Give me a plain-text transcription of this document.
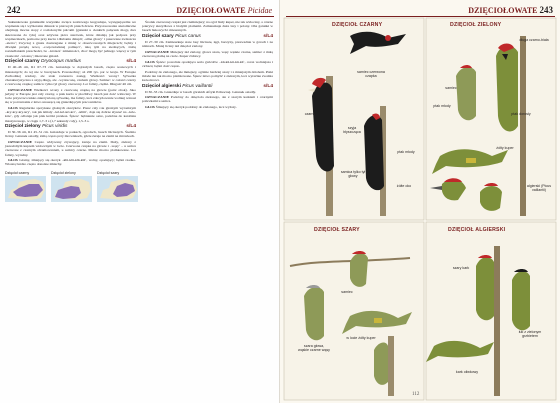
242	DZIĘCIOŁOWATE Picidae

Sukienkowate gatunkami wszystkie zwiące zostłowego kręgosłupa, występującemu we wspinanie się i wybierania dziurek w pniowych pniach drzew. Przystosowania anatomiczne obejmują mocne stopy z rozłożonymi palcami (gatunki u cienkich pałączek mogą dwa skierowane do tyłu) oraz sztywne pióra sterówek, które działają jak podpora przy wspinaczkach, pomocne przy kuciu i dłubaniu dziupli; ..silne głowy‘ i puszczane zwłaszcza ..sierra‘; Zwyczaj z gruzu dostrzegane z mniej w obserwowanych miejscach; bębny i dźwięki prządą nową ..rozpowiadanej pamięci‘, taką tym na siedzących, śrubą rozsiedlaniem przechodzi, bo ..krótsza‘ zmienności, choć mogą być jednego więcej w tym czasie niż ..wiosną‘; mierzone gniazd.

Dzięcioł czarny Dryocopus martius	s/L4

D 40–46 cm, R1 67–73 cm. Gniazduje w dojrzałych lasach, często sosnowych i mieszanych; do tej nie w buczynach. Powszechny; aż 200 tys. par w kraju. W Europie Zachodniej rzadszy, ale stale rozszerza zasięg. Wielkości wrony! Sylwetka charakterystyczna z szyją długą, ale ..wyrzuconą, czubem głowy. Samiec: w całości czarny z czerwoną czapką; samica: tylko tył głowy czerwony. Lot falisty, ciężki. Długość 46 cm.

OZNACZANIE Wielkości wrony z czerwoną czapką na głowie (patrz obok). Jako jedyny w Europie jest cały czarny, a ptak kucia w płochliwy latach jest dość widoczny. W locie przywraca lekko zakrzywioną sylwetkę, ma falisty, lecz zdecydowanie wolniej wznosi się w porównaniu z łatwo unoszącą się gniazdującym pracowników.

GŁOS Regularnie spotykane głośnych okrzyków. Przez cały rok głośnym wyrazistym ..kry-kry-kry-kry‘, tak jak śmiały ..kri-kri-kri-kri‘, ..kliiii‘, daje się dobrze słyszeć na ..krie-krie‘, gdy odlatuje jak pisk krótki przekaz. Śpiew: bębnienie ostre, podobne do karabinu maszynowego, w ciągu 1,7–3 s (1,7 sekundy cały), 1,5–3 s.

Dzięcioł zielony Picus viridis	s/L4

D 30–36 cm, R1 45–51 cm. Gniazduje w parkach, ogrodach, lasach liściastych. Średnio liczny. Gatunek osiadły, zimą często przy mrowiskach, gdzie żeruje na ziemi na mrówkach.

OZNACZANIE Często widywany zrywający, żeruje na ziemi. Duży, zielony z jasnożółtym kuprem widocznym w locie. Czerwona czapka na głowie i ..wąsy‘ – u samca czerwone z czarnym obramowaniem, u samicy czarne. Młode mocno plamkowane. Lot falisty, wyraźny.

GŁOS Głośny, śmiejący się okrzyk ..klü-klü-klü-klü‘, wolny, opadający; bębni rzadko. Wiosną bardzo często donośne śmiechy.

Środek czerwonej czapki jest ciemniejszy; na ogół biały kuper, nie tak widoczny, a czarne pokrywy skrzydłowe z białymi plamami. Zamieszkuje duże lasy i polany. Oba gatunki w lasach bukowych i mieszanych.

Dzięcioł szary Picus canus	s/L4

D 27–30 cm. Zamieszkuje stare lasy liściaste, łęgi, buczyny, przeważnie w górach i na nizinach. Mniej liczny niż dzięcioł zielony.

OZNACZANIE Mniejszy niż zielony, głowa szara, wąsy wąskie czarne, samiec z małą czerwoną plamą na czole. Kuper żółtawy.

GŁOS Śpiew: powolnie opadająca seria gwizdów ..kü-kü-kü-kü-kü‘, coraz wolniejsza i cichsza; bębni dość często.

Podobny do zielonego, ale mniejszy, ogólnie bardziej szary i z mniejszym dziobem. Ptaki młode nie tak mocno plamkowane. Śpiew łatwo pomylić z zielonym, lecz wyraźnie zwalnia ku końcowi.

Dzięcioł algierski Picus vaillantii	s/L4

D 30–33 cm. Gniazduje w lasach górskich Afryki Północnej. Gatunek osiadły.

OZNACZANIE Podobny do dzięcioła zielonego, ale z szarym karkiem i czarnymi policzkami u samca.

GŁOS Śmiejący się okrzyk podobny do zielonego, lecz wyższy.

Dzięcioł czarny	Dzięcioł zielony	Dzięcioł szary
DZIĘCIOŁOWATE 243
DZIĘCIOŁ CZARNY	DZIĘCIOŁ ZIELONY
DZIĘCIOŁ SZARY	DZIĘCIOŁ ALGIERSKI
samiec czerwona czapka
czarny
szyja błyszcząca
ptak młody
samica tylko tył głowy
żółte oko
długa czarno-biała
samiec
ptak dorosły
żółty kuper
ptak młody
algierski (Picus vaillantii)
samiec
szara głowa, wąskie czarne wąsy
w locie żółty kuper
szary kark
łuk z zielonym grzbietem
kark oliwkowy
112
